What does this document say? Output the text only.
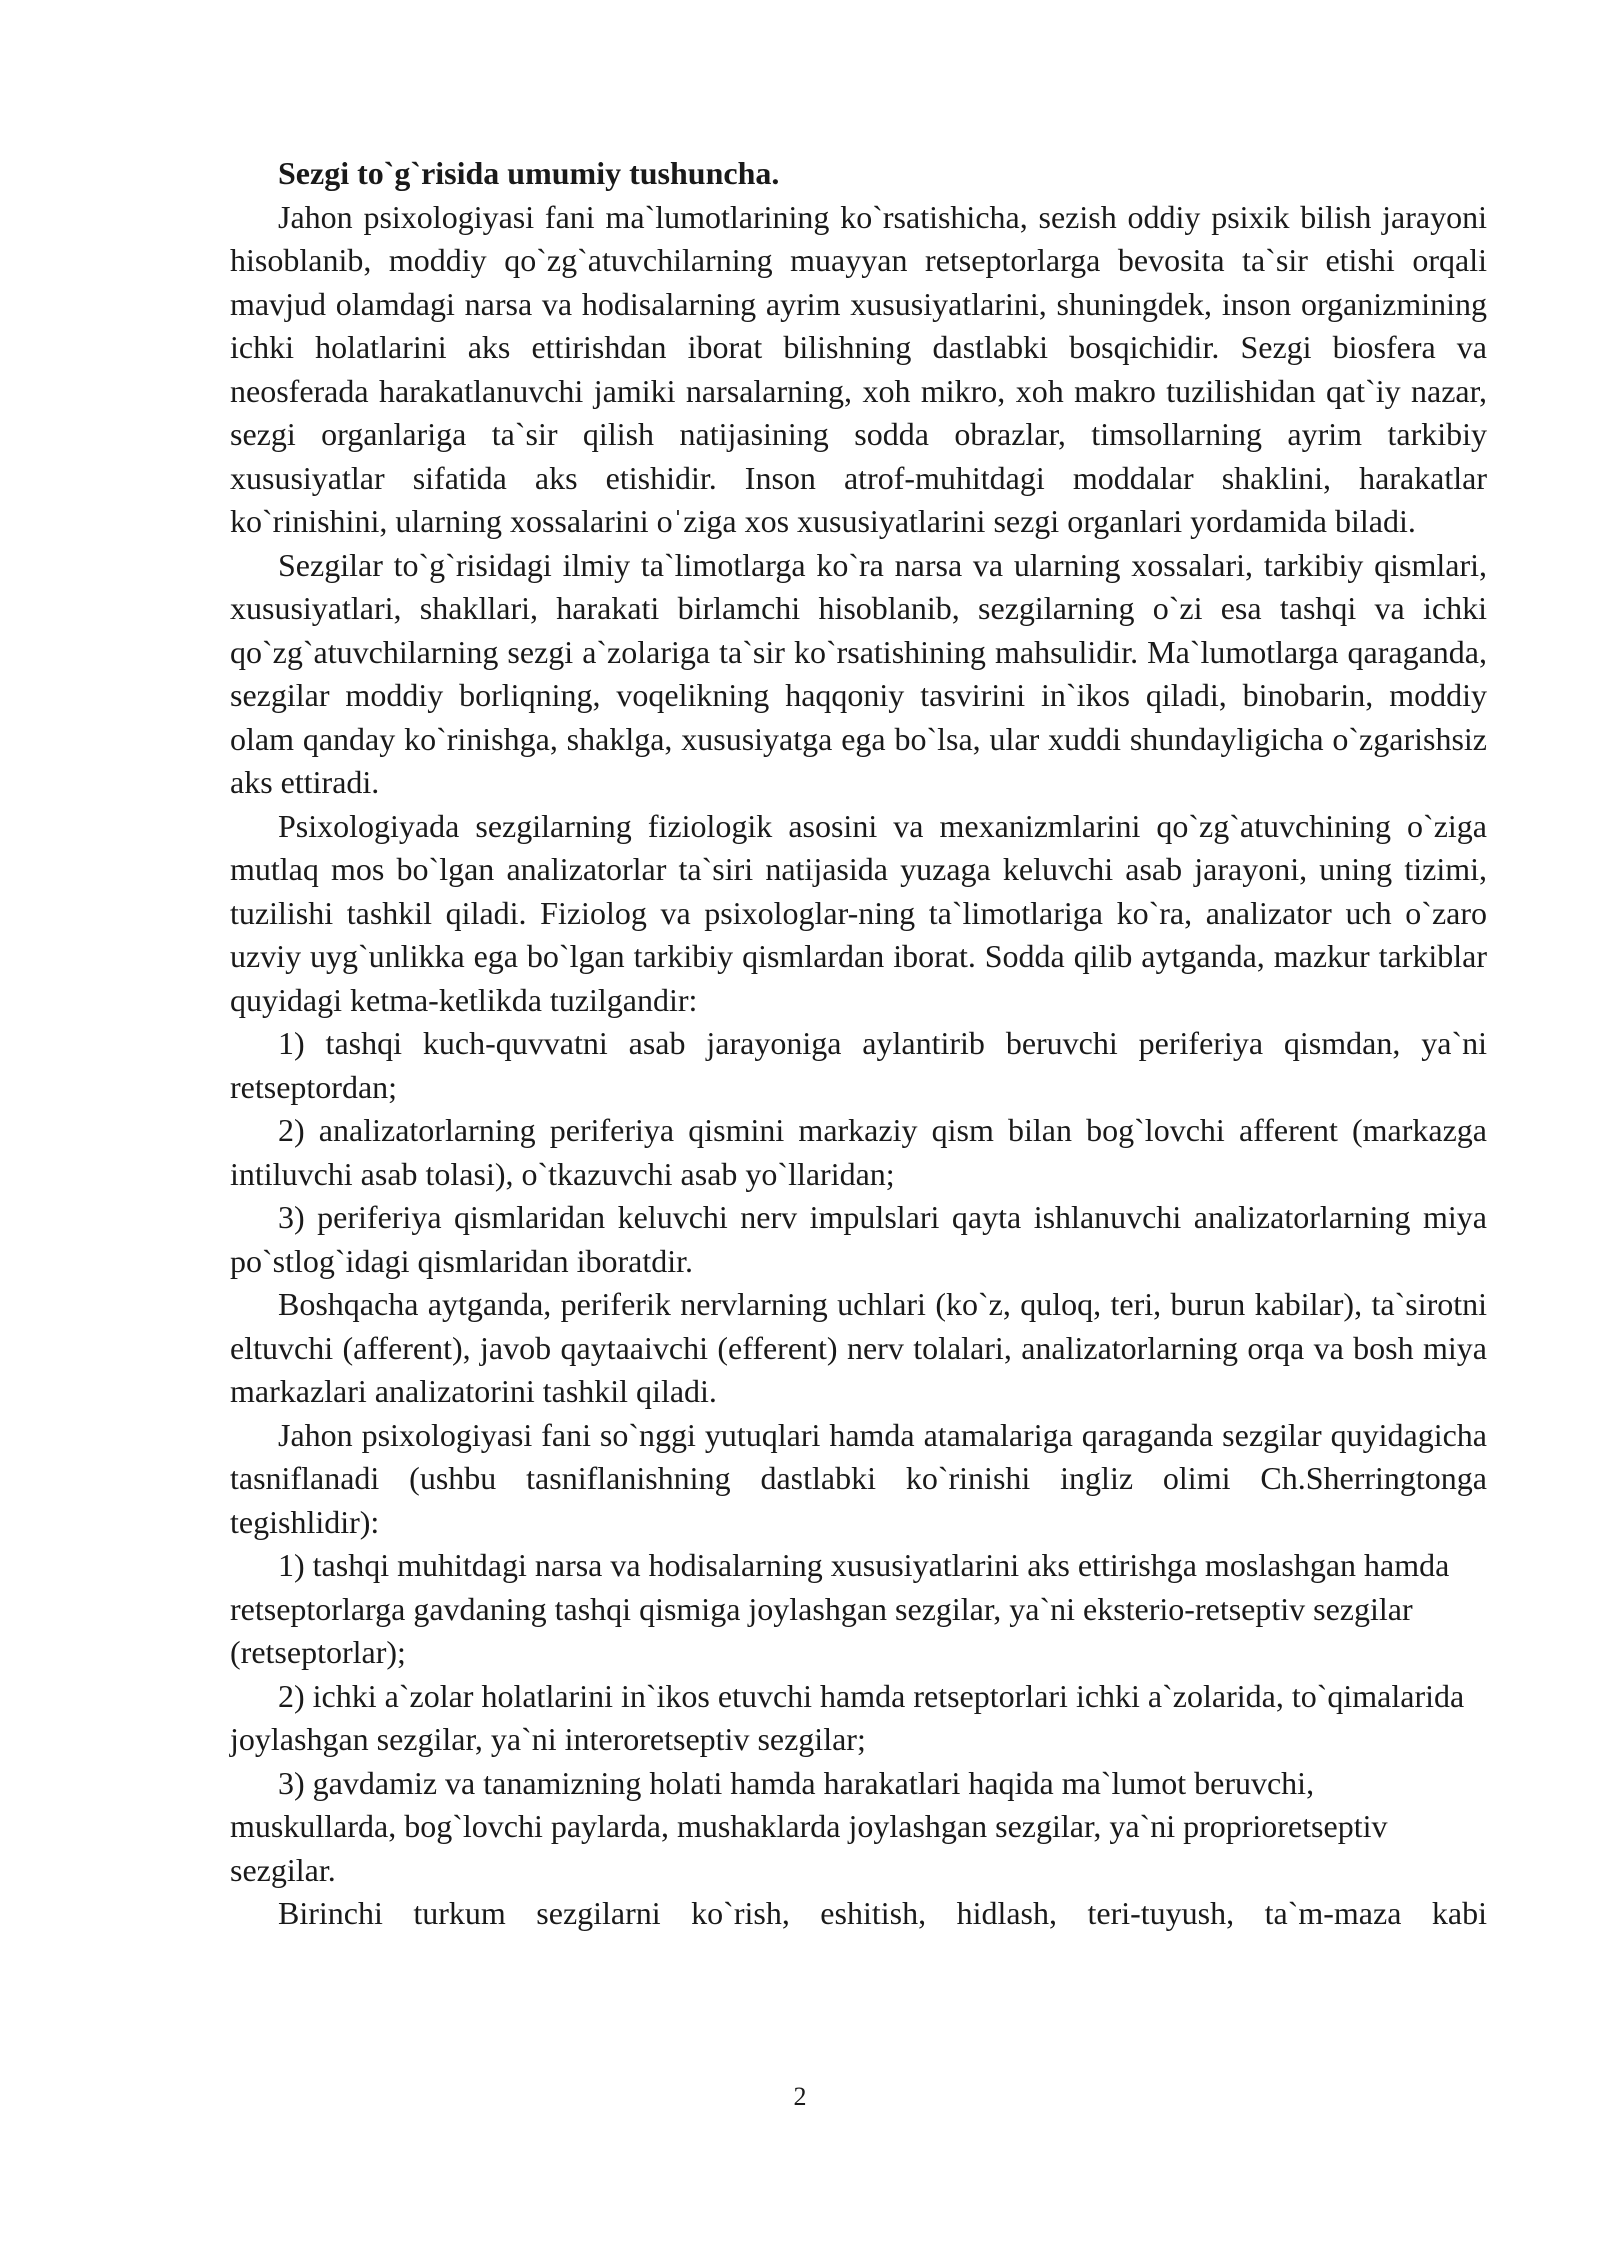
Sezgi to`g`risida umumiy tushuncha.

Jahon psixologiyasi fani ma`lumotlarining ko`rsatishicha, sezish oddiy psixik bilish jarayoni hisoblanib, moddiy qo`zg`atuvchilarning muayyan retseptorlarga bevosita ta`sir etishi orqali mavjud olamdagi narsa va hodisalarning ayrim xususiyatlarini, shuningdek, inson organizmining ichki holatlarini aks ettirishdan iborat bilishning dastlabki bosqichidir. Sezgi biosfera va neosferada harakatlanuvchi jamiki narsalarning, xoh mikro, xoh makro tuzilishidan qat`iy nazar, sezgi organlariga ta`sir qilish natijasining sodda obrazlar, timsollarning ayrim tarkibiy xususiyatlar sifatida aks etishidir. Inson atrof-muhitdagi moddalar shaklini, harakatlar ko`rinishini, ularning xossalarini oˈziga xos xususiyatlarini sezgi organlari yordamida biladi.

Sezgilar to`g`risidagi ilmiy ta`limotlarga ko`ra narsa va ularning xossalari, tarkibiy qismlari, xususiyatlari, shakllari, harakati birlamchi hisoblanib, sezgilarning o`zi esa tashqi va ichki qo`zg`atuvchilarning sezgi a`zolariga ta`sir ko`rsatishining mahsulidir. Ma`lumotlarga qaraganda, sezgilar moddiy borliqning, voqelikning haqqoniy tasvirini in`ikos qiladi, binobarin, moddiy olam qanday ko`rinishga, shaklga, xususiyatga ega bo`lsa, ular xuddi shundayligicha o`zgarishsiz aks ettiradi.

Psixologiyada sezgilarning fiziologik asosini va mexanizmlarini qo`zg`atuvchining o`ziga mutlaq mos bo`lgan analizatorlar ta`siri natijasida yuzaga keluvchi asab jarayoni, uning tizimi, tuzilishi tashkil qiladi. Fiziolog va psixologlar-ning ta`limotlariga ko`ra, analizator uch o`zaro uzviy uyg`unlikka ega bo`lgan tarkibiy qismlardan iborat. Sodda qilib aytganda, mazkur tarkiblar quyidagi ketma-ketlikda tuzilgandir:

1) tashqi kuch-quvvatni asab jarayoniga aylantirib beruvchi periferiya qismdan, ya`ni retseptordan;

2) analizatorlarning periferiya qismini markaziy qism bilan bog`lovchi afferent (markazga intiluvchi asab tolasi), o`tkazuvchi asab yo`llaridan;

3) periferiya qismlaridan keluvchi nerv impulslari qayta ishlanuvchi analizatorlarning miya po`stlog`idagi qismlaridan iboratdir.

Boshqacha aytganda, periferik nervlarning uchlari (ko`z, quloq, teri, burun kabilar), ta`sirotni eltuvchi (afferent), javob qaytaaivchi (efferent) nerv tolalari, analizatorlarning orqa va bosh miya markazlari analizatorini tashkil qiladi.

Jahon psixologiyasi fani so`nggi yutuqlari hamda atamalariga qaraganda sezgilar quyidagicha tasniflanadi (ushbu tasniflanishning dastlabki ko`rinishi ingliz olimi Ch.Sherringtonga tegishlidir):

1) tashqi muhitdagi narsa va hodisalarning xususiyatlarini aks ettirishga moslashgan hamda retseptorlarga gavdaning tashqi qismiga joylashgan sezgilar, ya`ni eksterio-retseptiv sezgilar (retseptorlar);

2) ichki a`zolar holatlarini in`ikos etuvchi hamda retseptorlari ichki a`zolarida, to`qimalarida joylashgan sezgilar, ya`ni interoretseptiv sezgilar;

3) gavdamiz va tanamizning holati hamda harakatlari haqida ma`lumot beruvchi, muskullarda, bog`lovchi paylarda, mushaklarda joylashgan sezgilar, ya`ni proprioretseptiv sezgilar.

Birinchi turkum sezgilarni ko`rish, eshitish, hidlash, teri-tuyush, ta`m-maza kabi

2
